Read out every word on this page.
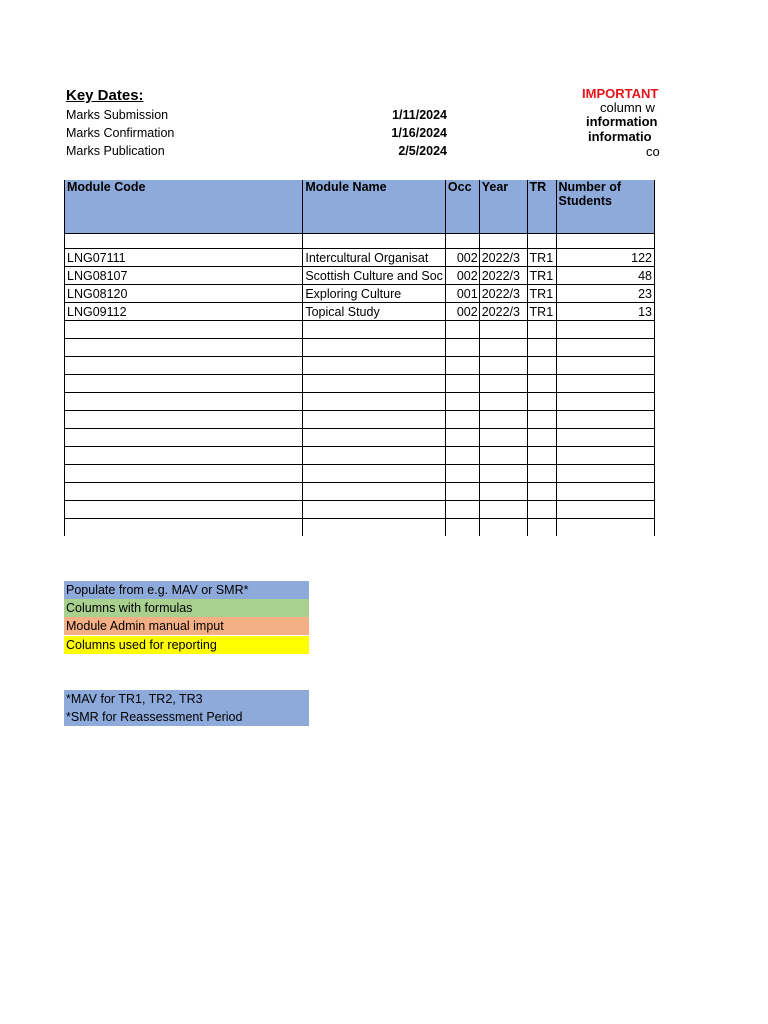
Key Dates:
Marks Submission	1/11/2024
Marks Confirmation	1/16/2024
Marks Publication	2/5/2024
IMPORTANT
column w
information
informatio
co
Module Code	Module Name	Occ	Year	TR	Number of Students

LNG07111	Intercultural Organisat	002	2022/3	TR1	122
LNG08107	Scottish Culture and Soc	002	2022/3	TR1	48
LNG08120	Exploring Culture	001	2022/3	TR1	23
LNG09112	Topical Study	002	2022/3	TR1	13

Populate from e.g. MAV or SMR*
Columns with formulas
Module Admin manual imput
Columns used for reporting
*MAV for TR1, TR2, TR3
*SMR for Reassessment Period
